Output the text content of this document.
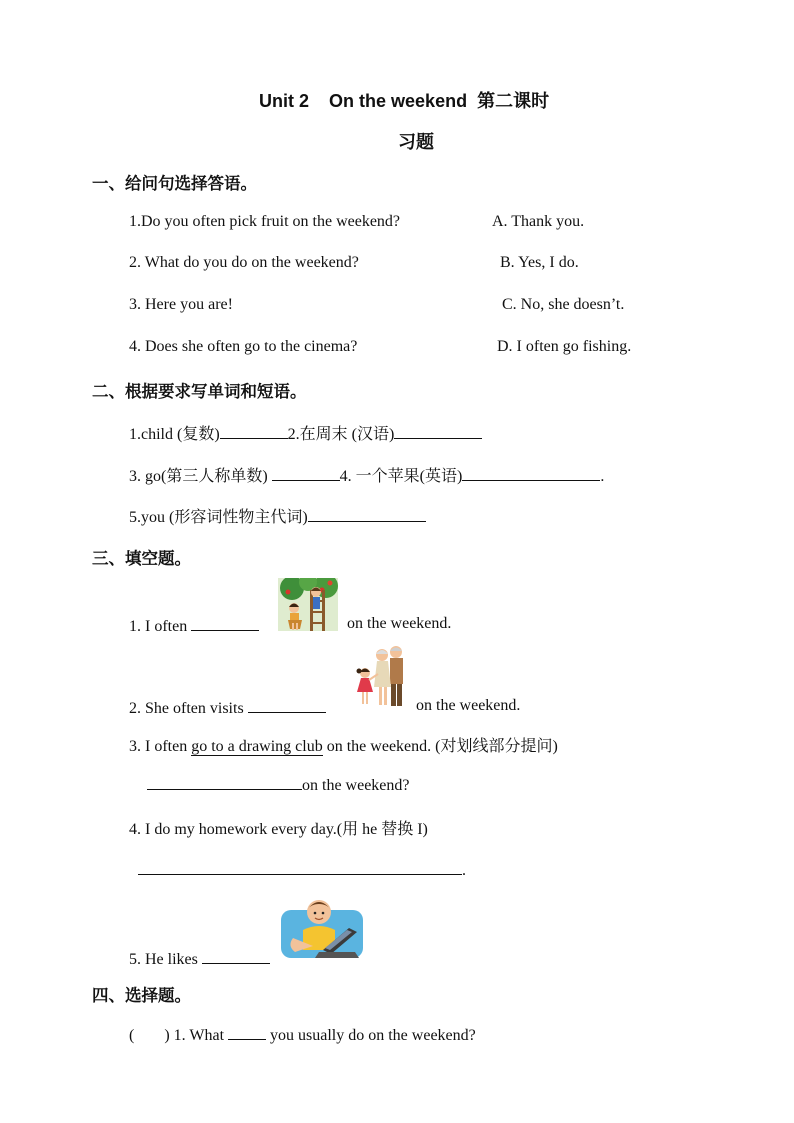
Unit 2 On the weekend 第二课时
习题
一、给问句选择答语。
1.Do you often pick fruit on the weekend?	A. Thank you.
2. What do you do on the weekend?	B. Yes, I do.
3. Here you are!	C. No, she doesn’t.
4. Does she often go to the cinema?	D. I often go fishing.
二、根据要求写单词和短语。
1.child (复数)	2.在周末 (汉语)
3. go(第三人称单数)	4. 一个苹果(英语)	.
5.you (形容词性物主代词)
三、填空题。
1. I often	on the weekend.
2. She often visits	on the weekend.
3. I often go to a drawing club on the weekend. (对划线部分提问)
on the weekend?
4. I do my homework every day.(用 he 替换 I)
.
5. He likes
四、选择题。
( ) 1. What  you usually do on the weekend?
